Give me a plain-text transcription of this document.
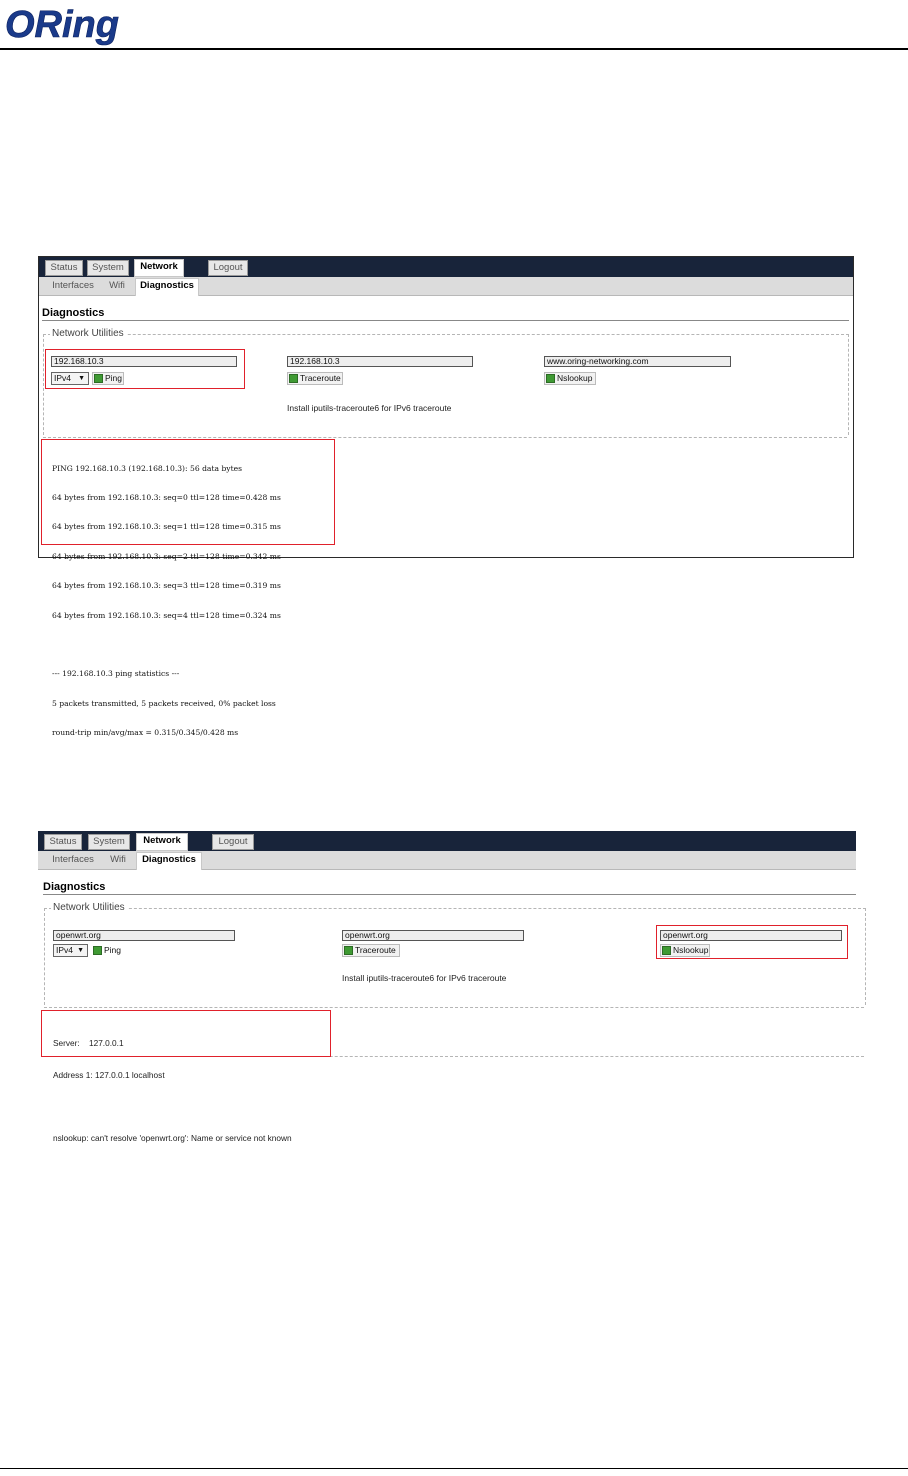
ORing
Status	System	Network	Logout
Interfaces	Wifi	Diagnostics
Diagnostics
Network Utilities
192.168.10.3
IPv4 ▼	Ping
192.168.10.3
Traceroute
Install iputils-traceroute6 for IPv6 traceroute
www.oring-networking.com
Nslookup

PING 192.168.10.3 (192.168.10.3): 56 data bytes

64 bytes from 192.168.10.3: seq=0 ttl=128 time=0.428 ms

64 bytes from 192.168.10.3: seq=1 ttl=128 time=0.315 ms

64 bytes from 192.168.10.3: seq=2 ttl=128 time=0.342 ms

64 bytes from 192.168.10.3: seq=3 ttl=128 time=0.319 ms

64 bytes from 192.168.10.3: seq=4 ttl=128 time=0.324 ms

--- 192.168.10.3 ping statistics ---

5 packets transmitted, 5 packets received, 0% packet loss

round-trip min/avg/max = 0.315/0.345/0.428 ms

Status	System	Network	Logout
Interfaces	Wifi	Diagnostics
Diagnostics
Network Utilities
openwrt.org
IPv4 ▼	Ping
openwrt.org
Traceroute
Install iputils-traceroute6 for IPv6 traceroute
openwrt.org
Nslookup

Server:    127.0.0.1

Address 1: 127.0.0.1 localhost

nslookup: can't resolve 'openwrt.org': Name or service not known
